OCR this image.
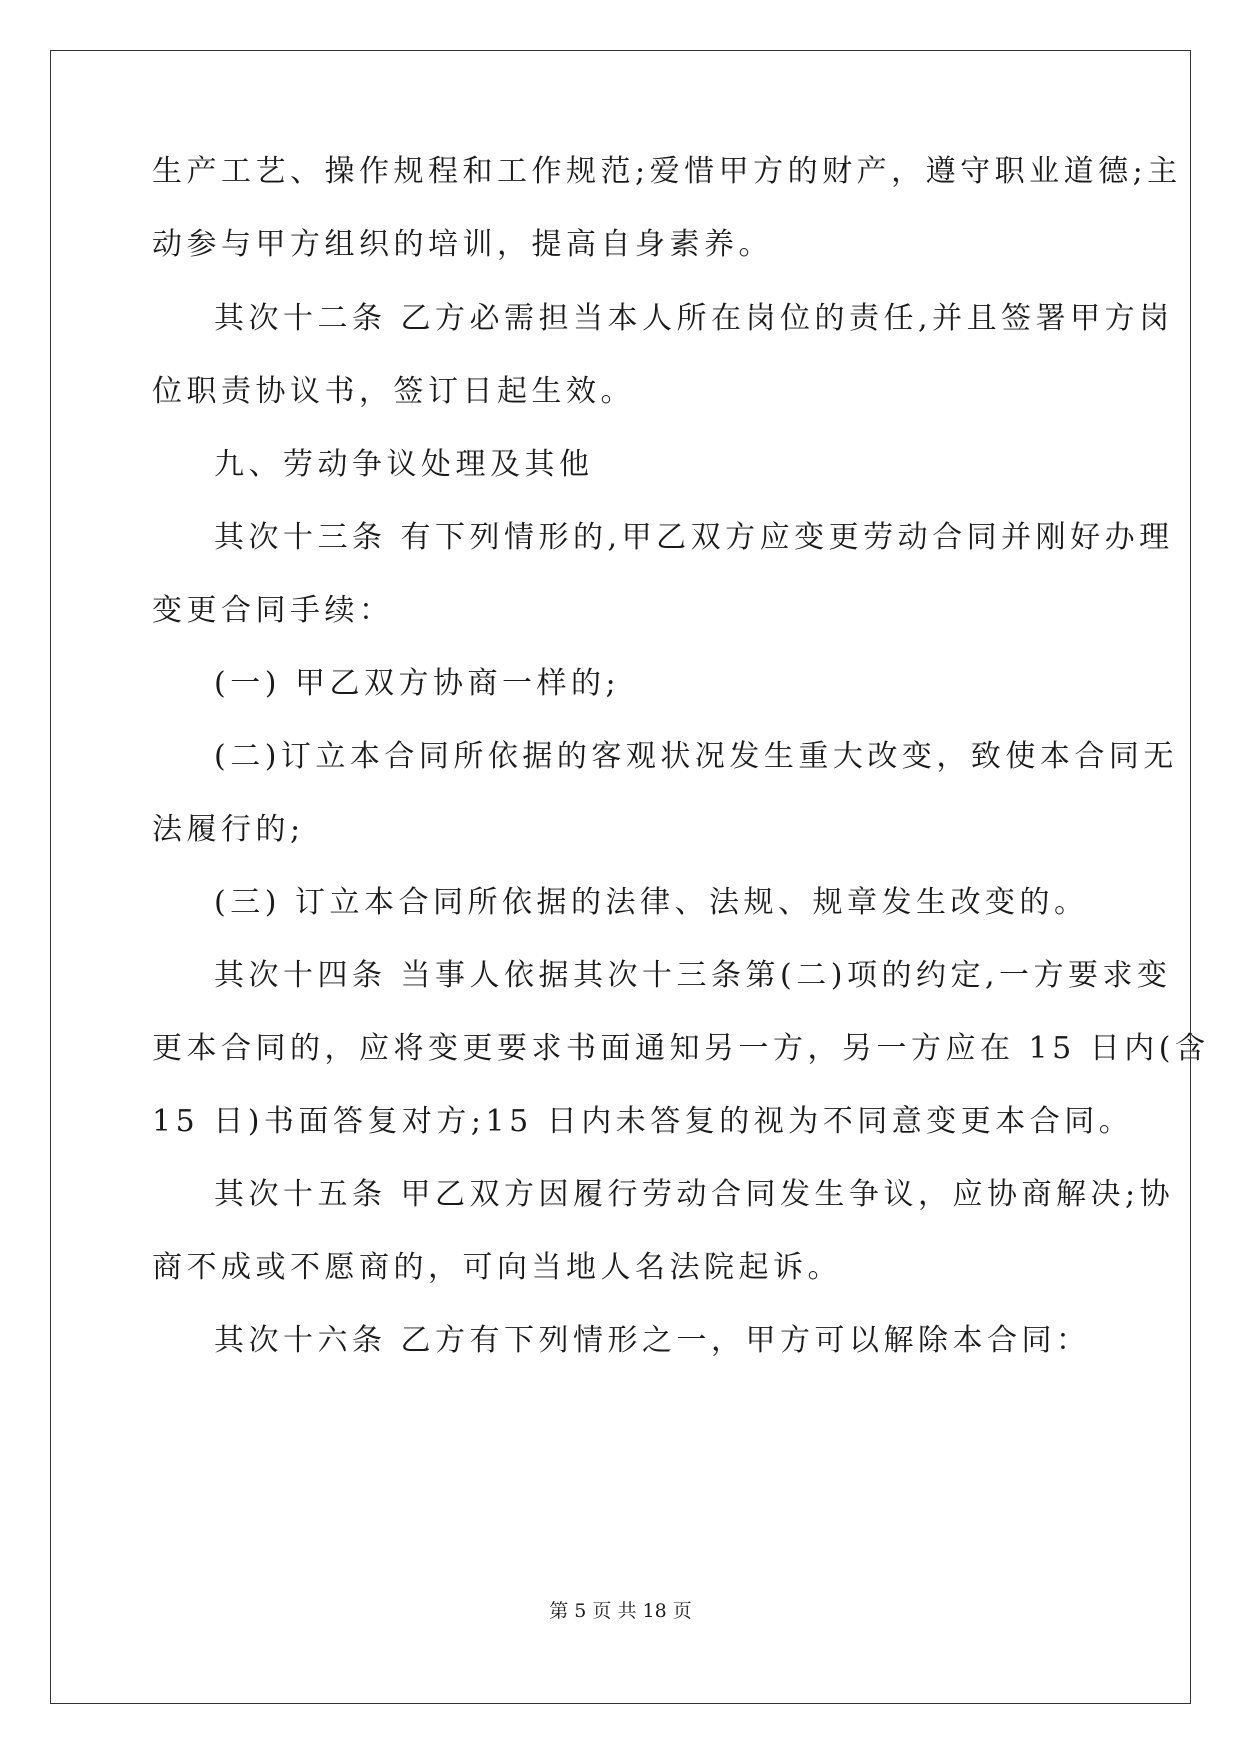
生产工艺、操作规程和工作规范;爱惜甲方的财产，遵守职业道德;主
动参与甲方组织的培训，提高自身素养。
其次十二条 乙方必需担当本人所在岗位的责任,并且签署甲方岗
位职责协议书，签订日起生效。
九、劳动争议处理及其他
其次十三条 有下列情形的,甲乙双方应变更劳动合同并刚好办理
变更合同手续：
(一) 甲乙双方协商一样的;
(二)订立本合同所依据的客观状况发生重大改变，致使本合同无
法履行的;
(三) 订立本合同所依据的法律、法规、规章发生改变的。
其次十四条 当事人依据其次十三条第(二)项的约定,一方要求变
更本合同的，应将变更要求书面通知另一方，另一方应在 15 日内(含
15 日)书面答复对方;15 日内未答复的视为不同意变更本合同。
其次十五条 甲乙双方因履行劳动合同发生争议，应协商解决;协
商不成或不愿商的，可向当地人名法院起诉。
其次十六条 乙方有下列情形之一，甲方可以解除本合同：
第 5 页 共 18 页
